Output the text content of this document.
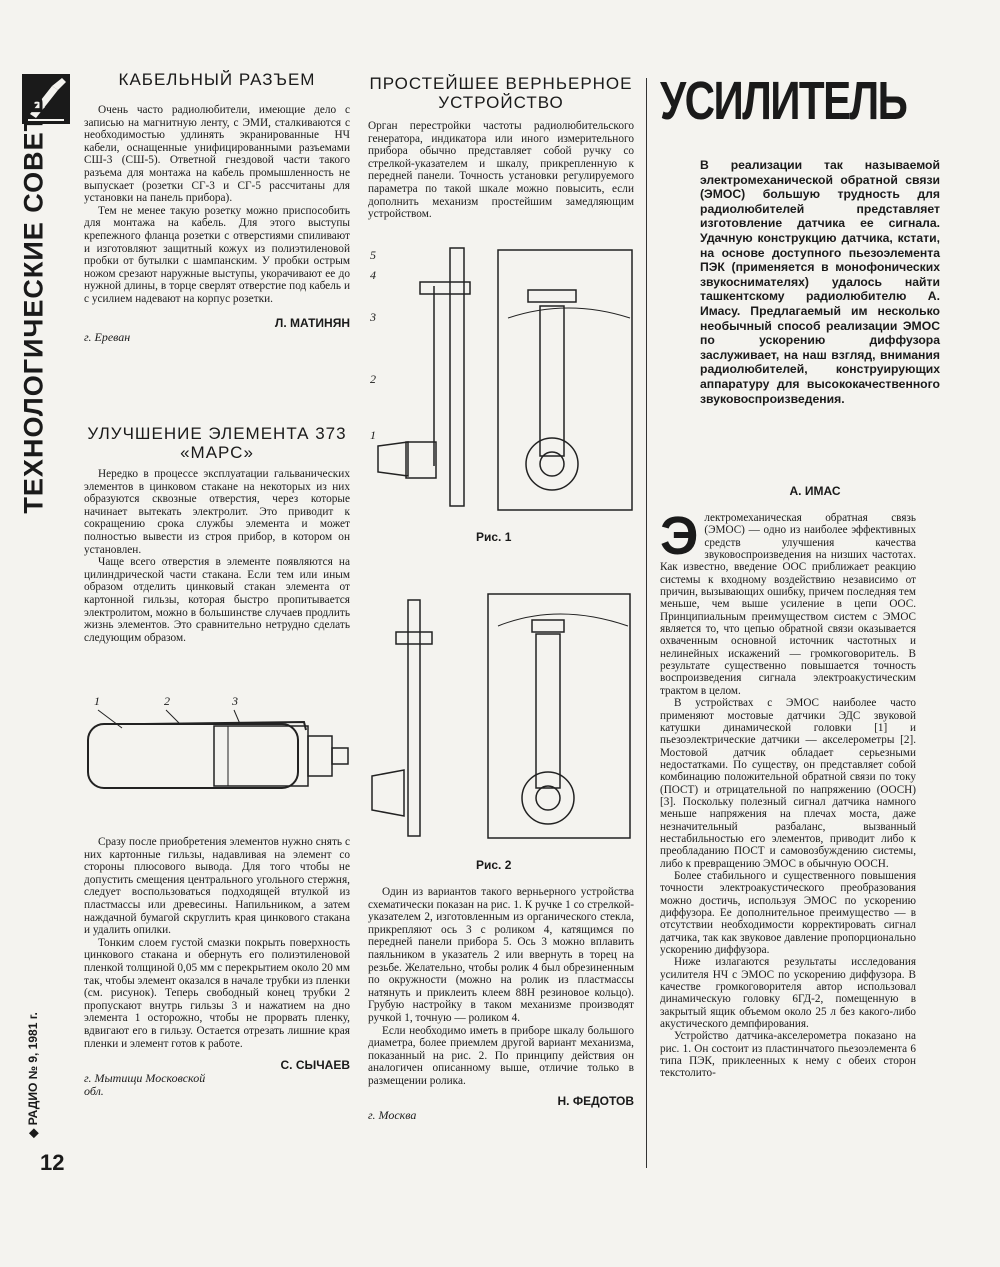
ТЕХНОЛОГИЧЕСКИЕ СОВЕТЫ
◆ РАДИО № 9, 1981 г.
12
КАБЕЛЬНЫЙ РАЗЪЕМ

Очень часто радиолюбители, имеющие дело с записью на магнитную ленту, с ЭМИ, сталкиваются с необходимостью удлинять экранированные НЧ кабели, оснащенные унифицированными разъемами СШ-3 (СШ-5). Ответной гнездовой части такого разъема для монтажа на кабель промышленность не выпускает (розетки СГ-3 и СГ-5 рассчитаны для установки на панель прибора).

Тем не менее такую розетку можно приспособить для монтажа на кабель. Для этого выступы крепежного фланца розетки с отверстиями спиливают и изготовляют защитный кожух из полиэтиленовой пробки от бутылки с шампанским. У пробки острым ножом срезают наружные выступы, укорачивают ее до нужной длины, в торце сверлят отверстие под кабель и с усилием надевают на корпус розетки.

Л. МАТИНЯН
г. Ереван
УЛУЧШЕНИЕ ЭЛЕМЕНТА 373 «МАРС»

Нередко в процессе эксплуатации гальванических элементов в цинковом стакане на некоторых из них образуются сквозные отверстия, через которые начинает вытекать электролит. Это приводит к сокращению срока службы элемента и может полностью вывести из строя прибор, в котором он установлен.

Чаще всего отверстия в элементе появляются на цилиндрической части стакана. Если тем или иным образом отделить цинковый стакан элемента от картонной гильзы, которая быстро пропитывается электролитом, можно в большинстве случаев продлить жизнь элементов. Это сравнительно нетрудно сделать следующим образом.

1	2	3

Сразу после приобретения элементов нужно снять с них картонные гильзы, надавливая на элемент со стороны плюсового вывода. Для того чтобы не допустить смещения центрального угольного стержня, следует воспользоваться подходящей втулкой из пластмассы или древесины. Напильником, а затем наждачной бумагой скруглить края цинкового стакана и удалить опилки.

Тонким слоем густой смазки покрыть поверхность цинкового стакана и обернуть его полиэтиленовой пленкой толщиной 0,05 мм с перекрытием около 20 мм так, чтобы элемент оказался в начале трубки из пленки (см. рисунок). Теперь свободный конец трубки 2 пропускают внутрь гильзы 3 и нажатием на дно элемента 1 осторожно, чтобы не прорвать пленку, вдвигают его в гильзу. Остается отрезать лишние края пленки и элемент готов к работе.

С. СЫЧАЕВ
г. Мытищи Московской обл.
ПРОСТЕЙШЕЕ ВЕРНЬЕРНОЕ УСТРОЙСТВО
Орган перестройки частоты радиолюбительского генератора, индикатора или иного измерительного прибора обычно представляет собой ручку со стрелкой-указателем и шкалу, прикрепленную к передней панели. Точность установки регулируемого параметра по такой шкале можно повысить, если дополнить механизм простейшим замедляющим устройством.
5
4
3
2
1
Рис. 1
Рис. 2

Один из вариантов такого верньерного устройства схематически показан на рис. 1. К ручке 1 со стрелкой-указателем 2, изготовленным из органического стекла, прикрепляют ось 3 с роликом 4, катящимся по передней панели прибора 5. Ось 3 можно вплавить паяльником в указатель 2 или ввернуть в торец на резьбе. Желательно, чтобы ролик 4 был обрезиненным по окружности (можно на ролик из пластмассы натянуть и приклеить клеем 88Н резиновое кольцо). Грубую настройку в таком механизме производят ручкой 1, точную — роликом 4.

Если необходимо иметь в приборе шкалу большого диаметра, более приемлем другой вариант механизма, показанный на рис. 2. По принципу действия он аналогичен описанному выше, отличие только в размещении ролика.

Н. ФЕДОТОВ
г. Москва
УСИЛИТЕЛЬ
В реализации так называемой электромеханической обратной связи (ЭМОС) большую трудность для радиолюбителей представляет изготовление датчика ее сигнала. Удачную конструкцию датчика, кстати, на основе доступного пьезоэлемента ПЭК (применяется в монофонических звукоснимателях) удалось найти ташкентскому радиолюбителю А. Имасу. Предлагаемый им несколько необычный способ реализации ЭМОС по ускорению диффузора заслуживает, на наш взгляд, внимания радиолюбителей, конструирующих аппаратуру для высококачественного звуковоспроизведения.
А. ИМАС
Э лектромеханическая обратная связь (ЭМОС) — одно из наиболее эффективных средств улучшения качества звуковоспроизведения на низших частотах. Как известно, введение ООС приближает реакцию системы к входному воздействию независимо от причин, вызывающих ошибку, причем последняя тем меньше, чем выше усиление в цепи ООС. Принципиальным преимуществом систем с ЭМОС является то, что цепью обратной связи оказывается охваченным основной источник частотных и нелинейных искажений — громкоговоритель. В результате существенно повышается точность воспроизведения сигнала электроакустическим трактом в целом.

В устройствах с ЭМОС наиболее часто применяют мостовые датчики ЭДС звуковой катушки динамической головки [1] и пьезоэлектрические датчики — акселерометры [2]. Мостовой датчик обладает серьезными недостатками. По существу, он представляет собой комбинацию положительной обратной связи по току (ПОСТ) и отрицательной по напряжению (ООСН) [3]. Поскольку полезный сигнал датчика намного меньше напряжения на плечах моста, даже незначительный разбаланс, вызванный нестабильностью его элементов, приводит либо к преобладанию ПОСТ и самовозбуждению системы, либо к превращению ЭМОС в обычную ООСН.

Более стабильного и существенного повышения точности электроакустического преобразования можно достичь, используя ЭМОС по ускорению диффузора. Ее дополнительное преимущество — в отсутствии необходимости корректировать сигнал датчика, так как звуковое давление пропорционально ускорению диффузора.

Ниже излагаются результаты исследования усилителя НЧ с ЭМОС по ускорению диффузора. В качестве громкоговорителя автор использовал динамическую головку 6ГД-2, помещенную в закрытый ящик объемом около 25 л без какого-либо акустического демпфирования.

Устройство датчика-акселерометра показано на рис. 1. Он состоит из пластинчатого пьезоэлемента 6 типа ПЭК, приклеенных к нему с обеих сторон текстолито-
